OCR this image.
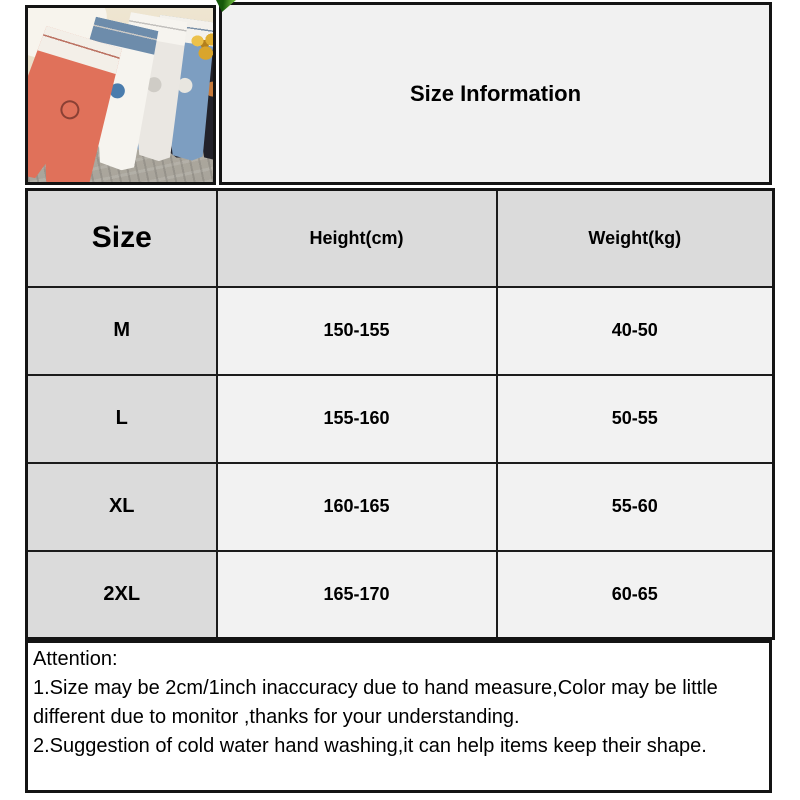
Size Information
Size	Height(cm)	Weight(kg)
M	150-155	40-50
L	155-160	50-55
XL	160-165	55-60
2XL	165-170	60-65
Attention:
1.Size may be 2cm/1inch inaccuracy due to hand measure,Color may be little
different due to monitor ,thanks for your understanding.
2.Suggestion of cold water hand washing,it can help items keep their shape.
